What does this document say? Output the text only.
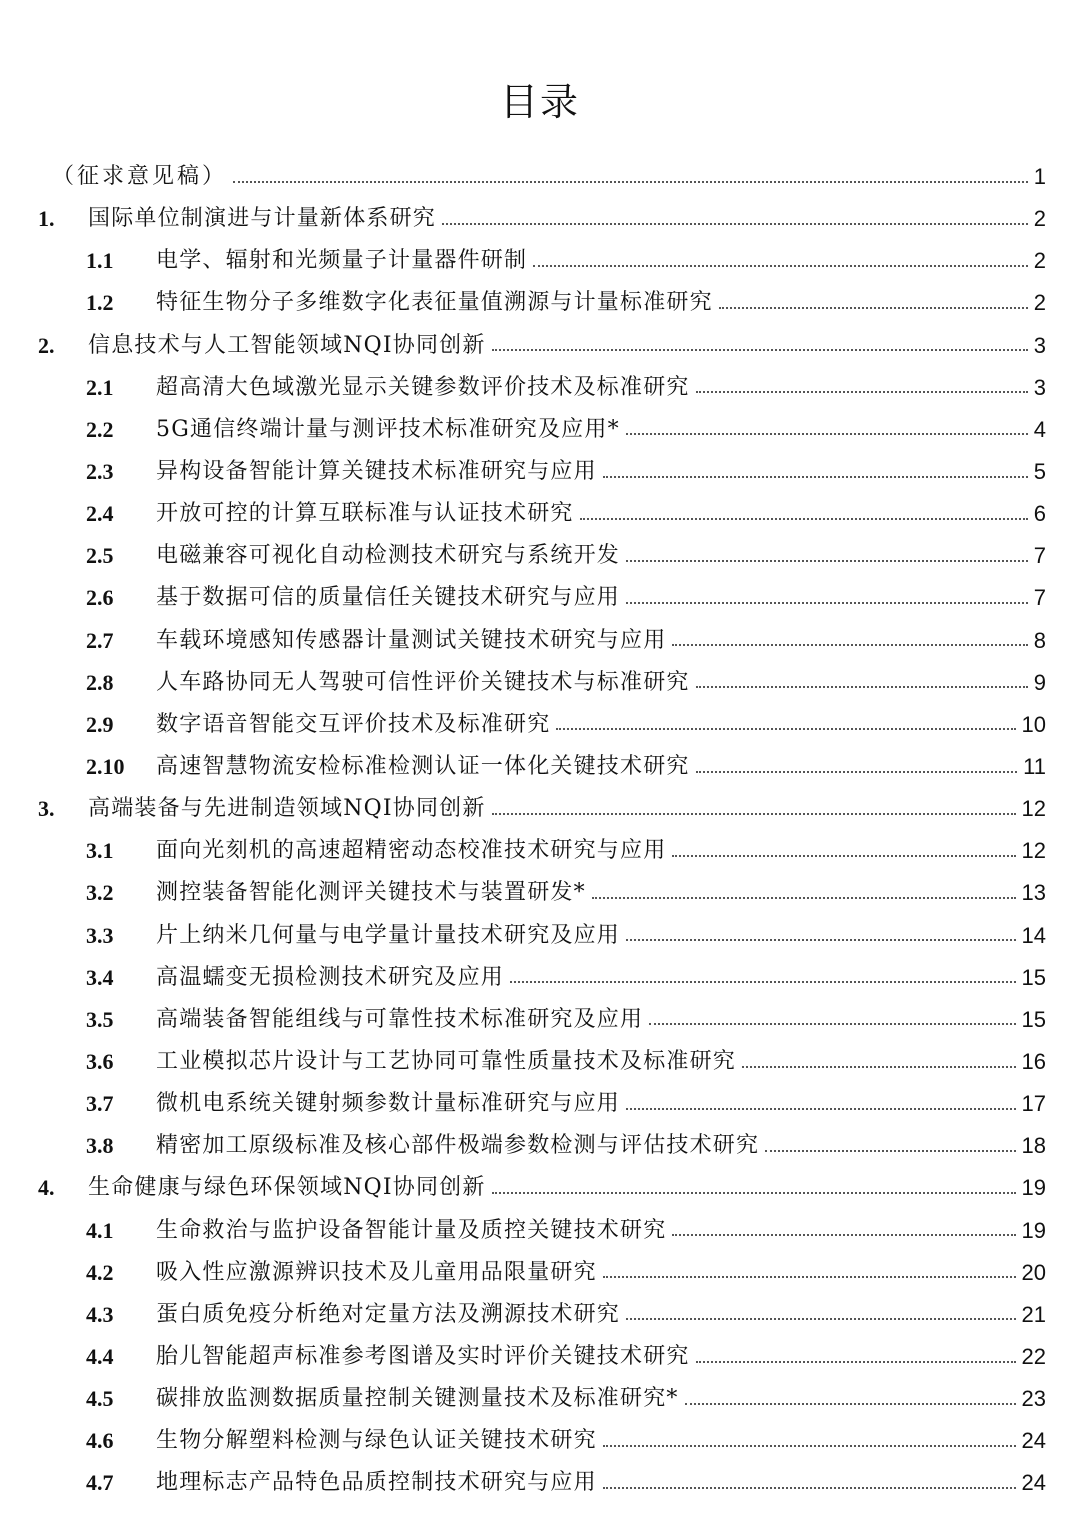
目录
（征求意见稿）	1
1.	国际单位制演进与计量新体系研究	2
1.1	电学、辐射和光频量子计量器件研制	2
1.2	特征生物分子多维数字化表征量值溯源与计量标准研究	2
2.	信息技术与人工智能领域NQI协同创新	3
2.1	超高清大色域激光显示关键参数评价技术及标准研究	3
2.2	5G通信终端计量与测评技术标准研究及应用*	4
2.3	异构设备智能计算关键技术标准研究与应用	5
2.4	开放可控的计算互联标准与认证技术研究	6
2.5	电磁兼容可视化自动检测技术研究与系统开发	7
2.6	基于数据可信的质量信任关键技术研究与应用	7
2.7	车载环境感知传感器计量测试关键技术研究与应用	8
2.8	人车路协同无人驾驶可信性评价关键技术与标准研究	9
2.9	数字语音智能交互评价技术及标准研究	10
2.10	高速智慧物流安检标准检测认证一体化关键技术研究	11
3.	高端装备与先进制造领域NQI协同创新	12
3.1	面向光刻机的高速超精密动态校准技术研究与应用	12
3.2	测控装备智能化测评关键技术与装置研发*	13
3.3	片上纳米几何量与电学量计量技术研究及应用	14
3.4	高温蠕变无损检测技术研究及应用	15
3.5	高端装备智能组线与可靠性技术标准研究及应用	15
3.6	工业模拟芯片设计与工艺协同可靠性质量技术及标准研究	16
3.7	微机电系统关键射频参数计量标准研究与应用	17
3.8	精密加工原级标准及核心部件极端参数检测与评估技术研究	18
4.	生命健康与绿色环保领域NQI协同创新	19
4.1	生命救治与监护设备智能计量及质控关键技术研究	19
4.2	吸入性应激源辨识技术及儿童用品限量研究	20
4.3	蛋白质免疫分析绝对定量方法及溯源技术研究	21
4.4	胎儿智能超声标准参考图谱及实时评价关键技术研究	22
4.5	碳排放监测数据质量控制关键测量技术及标准研究*	23
4.6	生物分解塑料检测与绿色认证关键技术研究	24
4.7	地理标志产品特色品质控制技术研究与应用	24
